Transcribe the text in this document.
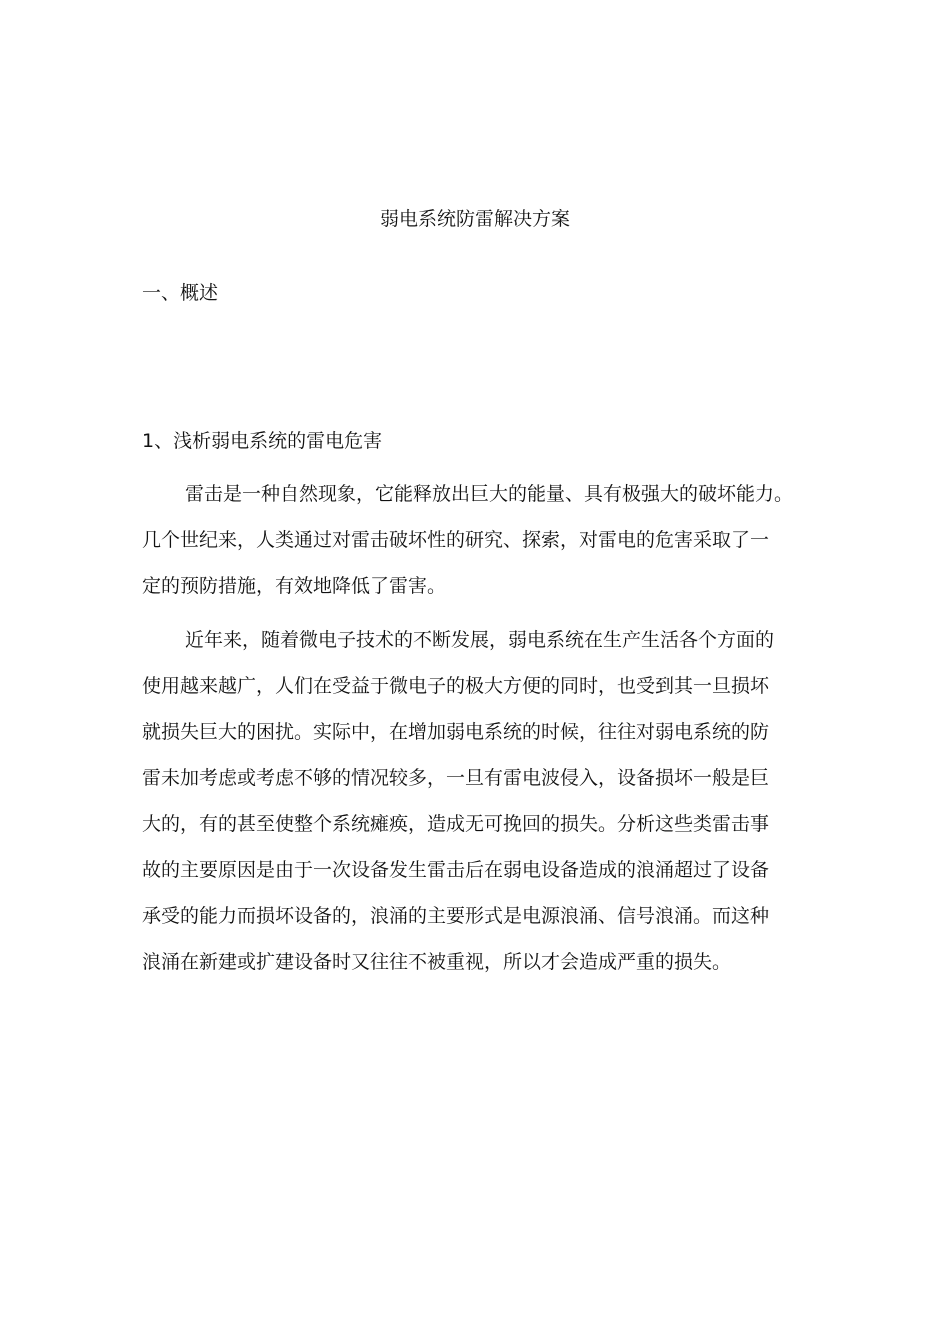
弱电系统防雷解决方案
一、概述
1、浅析弱电系统的雷电危害
雷击是一种自然现象，它能释放出巨大的能量、具有极强大的破坏能力。
几个世纪来，人类通过对雷击破坏性的研究、探索，对雷电的危害采取了一
定的预防措施，有效地降低了雷害。
近年来，随着微电子技术的不断发展，弱电系统在生产生活各个方面的
使用越来越广，人们在受益于微电子的极大方便的同时，也受到其一旦损坏
就损失巨大的困扰。实际中，在增加弱电系统的时候，往往对弱电系统的防
雷未加考虑或考虑不够的情况较多，一旦有雷电波侵入，设备损坏一般是巨
大的，有的甚至使整个系统瘫痪，造成无可挽回的损失。分析这些类雷击事
故的主要原因是由于一次设备发生雷击后在弱电设备造成的浪涌超过了设备
承受的能力而损坏设备的，浪涌的主要形式是电源浪涌、信号浪涌。而这种
浪涌在新建或扩建设备时又往往不被重视，所以才会造成严重的损失。
